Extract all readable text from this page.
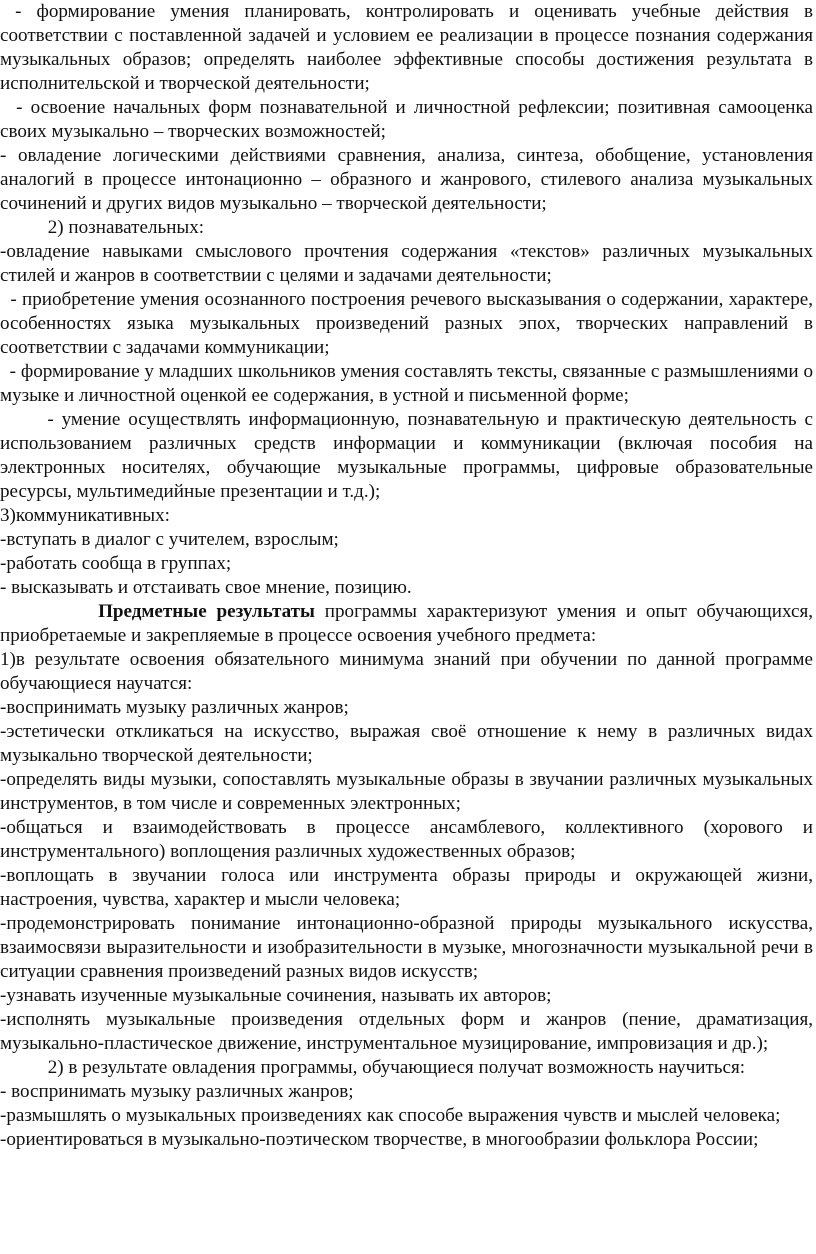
- формирование умения планировать, контролировать и оценивать учебные действия в соответствии с поставленной задачей и условием ее реализации в процессе познания содержания музыкальных образов; определять наиболее эффективные способы достижения результата в исполнительской и творческой деятельности;

- освоение начальных форм познавательной и личностной рефлексии; позитивная самооценка своих музыкально – творческих возможностей;

- овладение логическими действиями сравнения, анализа, синтеза, обобщение, установления аналогий в процессе интонационно – образного и жанрового, стилевого анализа музыкальных сочинений и других видов музыкально – творческой деятельности;

2) познавательных:

-овладение навыками смыслового прочтения содержания «текстов» различных музыкальных стилей и жанров в соответствии с целями и задачами деятельности;

- приобретение умения осознанного построения речевого высказывания о содержании, характере, особенностях языка музыкальных произведений разных эпох, творческих направлений в соответствии с задачами коммуникации;

- формирование у младших школьников умения составлять тексты, связанные с размышлениями о музыке и личностной оценкой ее содержания, в устной и письменной форме;

- умение осуществлять информационную, познавательную и практическую деятельность с использованием различных средств информации и коммуникации (включая пособия на электронных носителях, обучающие музыкальные программы, цифровые образовательные ресурсы, мультимедийные презентации и т.д.);

3)коммуникативных:

-вступать в диалог с учителем, взрослым;

-работать сообща в группах;

- высказывать и отстаивать свое мнение, позицию.

Предметные результаты программы характеризуют умения и опыт обучающихся, приобретаемые и закрепляемые в процессе освоения учебного предмета:

1)в результате освоения обязательного минимума знаний при обучении по данной программе обучающиеся научатся:

-воспринимать музыку различных жанров;

-эстетически откликаться на искусство, выражая своё отношение к нему в различных видах музыкально творческой деятельности;

-определять виды музыки, сопоставлять музыкальные образы в звучании различных музыкальных инструментов, в том числе и современных электронных;

-общаться и взаимодействовать в процессе ансамблевого, коллективного (хорового и инструментального) воплощения различных художественных образов;

-воплощать в звучании голоса или инструмента образы природы и окружающей жизни, настроения, чувства, характер и мысли человека;

-продемонстрировать понимание интонационно-образной природы музыкального искусства, взаимосвязи выразительности и изобразительности в музыке, многозначности музыкальной речи в ситуации сравнения произведений разных видов искусств;

-узнавать изученные музыкальные сочинения, называть их авторов;

-исполнять музыкальные произведения отдельных форм и жанров (пение, драматизация, музыкально-пластическое движение, инструментальное музицирование, импровизация и др.);

2) в результате овладения программы, обучающиеся получат возможность научиться:

- воспринимать музыку различных жанров;

-размышлять о музыкальных произведениях как способе выражения чувств и мыслей человека;

-ориентироваться в музыкально-поэтическом творчестве, в многообразии фольклора России;
